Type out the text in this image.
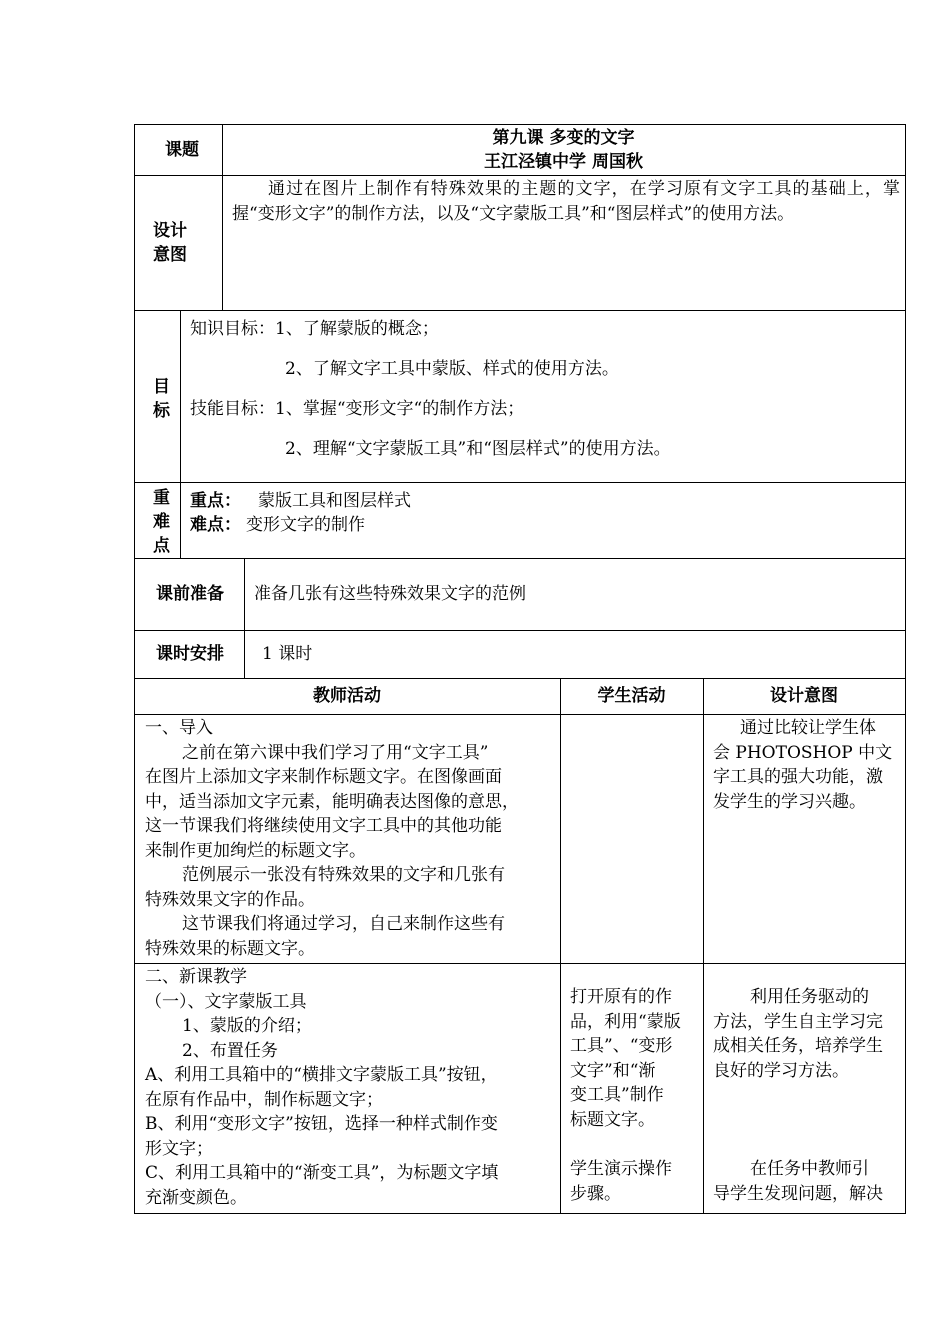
课题
第九课 多变的文字
王江泾镇中学 周国秋
设计
意图
通过在图片上制作有特殊效果的主题的文字，在学习原有文字工具的基础上，掌握“变形文字”的制作方法，以及“文字蒙版工具”和“图层样式”的使用方法。
目
标
知识目标： 1、了解蒙版的概念；
2、了解文字工具中蒙版、样式的使用方法。
技能目标： 1、掌握“变形文字“的制作方法；
2、理解“文字蒙版工具”和“图层样式”的使用方法。
重
难
点
重点： 蒙版工具和图层样式
难点： 变形文字的制作
课前准备 准备几张有这些特殊效果文字的范例
课时安排 1 课时
教师活动	学生活动	设计意图
一、导入
之前在第六课中我们学习了用“文字工具”
在图片上添加文字来制作标题文字。在图像画面
中，适当添加文字元素，能明确表达图像的意思，
这一节课我们将继续使用文字工具中的其他功能
来制作更加绚烂的标题文字。
范例展示一张没有特殊效果的文字和几张有
特殊效果文字的作品。
这节课我们将通过学习，自己来制作这些有
特殊效果的标题文字。
通过比较让学生体
会 PHOTOSHOP 中文
字工具的强大功能，激
发学生的学习兴趣。
二、新课教学
（一）、文字蒙版工具
1、蒙版的介绍；
2、布置任务
A、利用工具箱中的“横排文字蒙版工具”按钮，
在原有作品中，制作标题文字；
B、利用“变形文字”按钮，选择一种样式制作变
形文字；
C、利用工具箱中的“渐变工具”，为标题文字填
充渐变颜色。
打开原有的作
品，利用“蒙版
工具”、“变形
文字”和“渐
变工具”制作
标题文字。
学生演示操作
步骤。
利用任务驱动的
方法，学生自主学习完
成相关任务，培养学生
良好的学习方法。
在任务中教师引
导学生发现问题，解决
